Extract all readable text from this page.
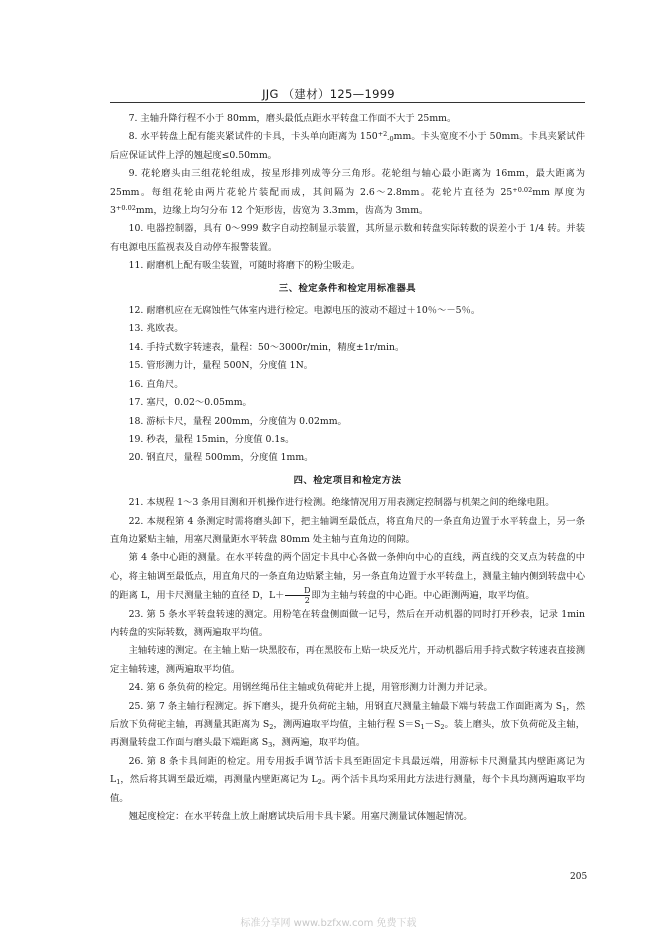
JJG （建材）125—1999

7. 主轴升降行程不小于 80mm，磨头最低点距水平转盘工作面不大于 25mm。

8. 水平转盘上配有能夹紧试件的卡具，卡头单向距离为 $150^{+2}_{-0}mm$。卡头宽度不小于 50mm。卡具夹紧试件后应保证试件上浮的翘起度≤0.50mm。

9. 花轮磨头由三组花轮组成，按星形排列成等分三角形。花轮组与轴心最小距离为 16mm，最大距离为 25mm。每组花轮由两片花轮片装配而成，其间隔为 2.6～2.8mm。花轮片直径为 $25^{+0.02}mm$ 厚度为 $3^{+0.02}mm$，边缘上均匀分布 12 个矩形齿，齿宽为 3.3mm，齿高为 3mm。

10. 电器控制器，具有 0～999 数字自动控制显示装置，其所显示数和转盘实际转数的误差小于 1/4 转。并装有电源电压监视表及自动停车报警装置。

11. 耐磨机上配有吸尘装置，可随时将磨下的粉尘吸走。

三、检定条件和检定用标准器具

12. 耐磨机应在无腐蚀性气体室内进行检定。电源电压的波动不超过＋10％～－5％。

13. 兆欧表。

14. 手持式数字转速表，量程：50～3000r/min，精度±1r/min。

15. 管形测力计，量程 500N，分度值 1N。

16. 直角尺。

17. 塞尺，0.02～0.05mm。

18. 游标卡尺，量程 200mm，分度值为 0.02mm。

19. 秒表，量程 15min，分度值 0.1s。

20. 钢直尺，量程 500mm，分度值 1mm。

四、检定项目和检定方法

21. 本规程 1～3 条用目测和开机操作进行检测。绝缘情况用万用表测定控制器与机架之间的绝缘电阻。

22. 本规程第 4 条测定时需将磨头卸下，把主轴调至最低点，将直角尺的一条直角边置于水平转盘上，另一条直角边紧贴主轴，用塞尺测量距水平转盘 80mm 处主轴与直角边的间隙。

第 4 条中心距的测量。在水平转盘的两个固定卡具中心各做一条伸向中心的直线，两直线的交叉点为转盘的中心，将主轴调至最低点，用直角尺的一条直角边贴紧主轴，另一条直角边置于水平转盘上，测量主轴内侧到转盘中心的距离 L，用卡尺测量主轴的直径 D，$L+ \frac{D}{2}$ 即为主轴与转盘的中心距。中心距测两遍，取平均值。

23. 第 5 条水平转盘转速的测定。用粉笔在转盘侧面做一记号，然后在开动机器的同时打开秒表，记录 1min 内转盘的实际转数，测两遍取平均值。

主轴转速的测定。在主轴上贴一块黑胶布，再在黑胶布上贴一块反光片，开动机器后用手持式数字转速表直接测定主轴转速，测两遍取平均值。

24. 第 6 条负荷的检定。用钢丝绳吊住主轴或负荷砣并上提，用管形测力计测力并记录。

25. 第 7 条主轴行程测定。拆下磨头，提升负荷砣主轴，用钢直尺测量主轴最下端与转盘工作面距离为 $S_1$，然后放下负荷砣主轴，再测量其距离为 $S_2$，测两遍取平均值，主轴行程 $S=S_1-S_2$。装上磨头，放下负荷砣及主轴，再测量转盘工作面与磨头最下端距离 $S_3$，测两遍，取平均值。

26. 第 8 条卡具间距的检定。用专用扳手调节活卡具至距固定卡具最远端，用游标卡尺测量其内壁距离记为 $L_1$，然后将其调至最近端，再测量内壁距离记为 $L_2$。两个活卡具均采用此方法进行测量，每个卡具均测两遍取平均值。

翘起度检定：在水平转盘上放上耐磨试块后用卡具卡紧。用塞尺测量试体翘起情况。

205
标准分享网 www.bzfxw.com 免费下载
